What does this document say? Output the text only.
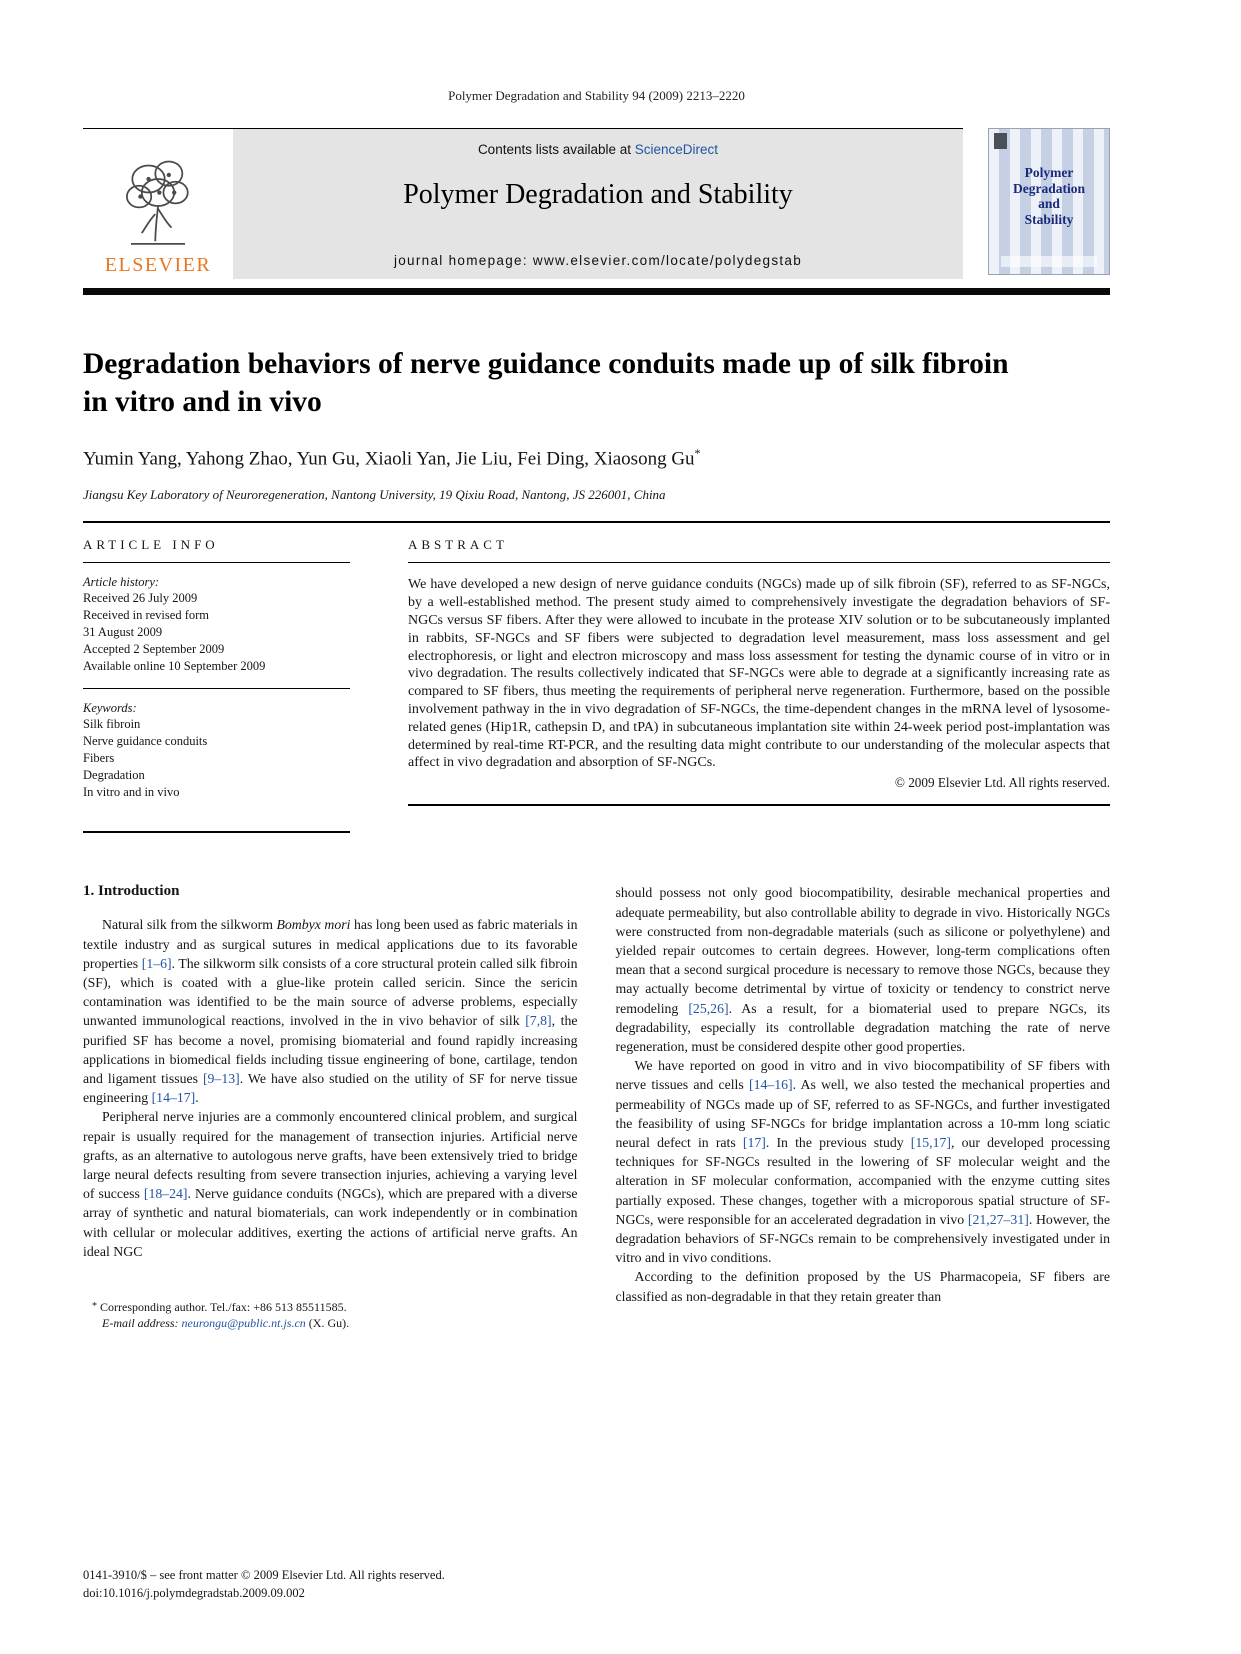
Polymer Degradation and Stability 94 (2009) 2213–2220
ELSEVIER
Contents lists available at ScienceDirect
Polymer Degradation and Stability
journal homepage: www.elsevier.com/locate/polydegstab
Polymer
Degradation
and
Stability
Degradation behaviors of nerve guidance conduits made up of silk fibroin in vitro and in vivo
Yumin Yang, Yahong Zhao, Yun Gu, Xiaoli Yan, Jie Liu, Fei Ding, Xiaosong Gu*
Jiangsu Key Laboratory of Neuroregeneration, Nantong University, 19 Qixiu Road, Nantong, JS 226001, China
ARTICLE INFO
Article history:
Received 26 July 2009
Received in revised form
31 August 2009
Accepted 2 September 2009
Available online 10 September 2009
Keywords:
Silk fibroin
Nerve guidance conduits
Fibers
Degradation
In vitro and in vivo
ABSTRACT
We have developed a new design of nerve guidance conduits (NGCs) made up of silk fibroin (SF), referred to as SF-NGCs, by a well-established method. The present study aimed to comprehensively investigate the degradation behaviors of SF-NGCs versus SF fibers. After they were allowed to incubate in the protease XIV solution or to be subcutaneously implanted in rabbits, SF-NGCs and SF fibers were subjected to degradation level measurement, mass loss assessment and gel electrophoresis, or light and electron microscopy and mass loss assessment for testing the dynamic course of in vitro or in vivo degradation. The results collectively indicated that SF-NGCs were able to degrade at a significantly increasing rate as compared to SF fibers, thus meeting the requirements of peripheral nerve regeneration. Furthermore, based on the possible involvement pathway in the in vivo degradation of SF-NGCs, the time-dependent changes in the mRNA level of lysosome-related genes (Hip1R, cathepsin D, and tPA) in subcutaneous implantation site within 24-week period post-implantation was determined by real-time RT-PCR, and the resulting data might contribute to our understanding of the molecular aspects that affect in vivo degradation and absorption of SF-NGCs.
© 2009 Elsevier Ltd. All rights reserved.
1. Introduction

Natural silk from the silkworm Bombyx mori has long been used as fabric materials in textile industry and as surgical sutures in medical applications due to its favorable properties [1–6]. The silkworm silk consists of a core structural protein called silk fibroin (SF), which is coated with a glue-like protein called sericin. Since the sericin contamination was identified to be the main source of adverse problems, especially unwanted immunological reactions, involved in the in vivo behavior of silk [7,8], the purified SF has become a novel, promising biomaterial and found rapidly increasing applications in biomedical fields including tissue engineering of bone, cartilage, tendon and ligament tissues [9–13]. We have also studied on the utility of SF for nerve tissue engineering [14–17].

Peripheral nerve injuries are a commonly encountered clinical problem, and surgical repair is usually required for the management of transection injuries. Artificial nerve grafts, as an alternative to autologous nerve grafts, have been extensively tried to bridge large neural defects resulting from severe transection injuries, achieving a varying level of success [18–24]. Nerve guidance conduits (NGCs), which are prepared with a diverse array of synthetic and natural biomaterials, can work independently or in combination with cellular or molecular additives, exerting the actions of artificial nerve grafts. An ideal NGC

* Corresponding author. Tel./fax: +86 513 85511585.
E-mail address: neurongu@public.nt.js.cn (X. Gu).

should possess not only good biocompatibility, desirable mechanical properties and adequate permeability, but also controllable ability to degrade in vivo. Historically NGCs were constructed from non-degradable materials (such as silicone or polyethylene) and yielded repair outcomes to certain degrees. However, long-term complications often mean that a second surgical procedure is necessary to remove those NGCs, because they may actually become detrimental by virtue of toxicity or tendency to constrict nerve remodeling [25,26]. As a result, for a biomaterial used to prepare NGCs, its degradability, especially its controllable degradation matching the rate of nerve regeneration, must be considered despite other good properties.

We have reported on good in vitro and in vivo biocompatibility of SF fibers with nerve tissues and cells [14–16]. As well, we also tested the mechanical properties and permeability of NGCs made up of SF, referred to as SF-NGCs, and further investigated the feasibility of using SF-NGCs for bridge implantation across a 10-mm long sciatic neural defect in rats [17]. In the previous study [15,17], our developed processing techniques for SF-NGCs resulted in the lowering of SF molecular weight and the alteration in SF molecular conformation, accompanied with the enzyme cutting sites partially exposed. These changes, together with a microporous spatial structure of SF-NGCs, were responsible for an accelerated degradation in vivo [21,27–31]. However, the degradation behaviors of SF-NGCs remain to be comprehensively investigated under in vitro and in vivo conditions.

According to the definition proposed by the US Pharmacopeia, SF fibers are classified as non-degradable in that they retain greater than

0141-3910/$ – see front matter © 2009 Elsevier Ltd. All rights reserved.
doi:10.1016/j.polymdegradstab.2009.09.002
